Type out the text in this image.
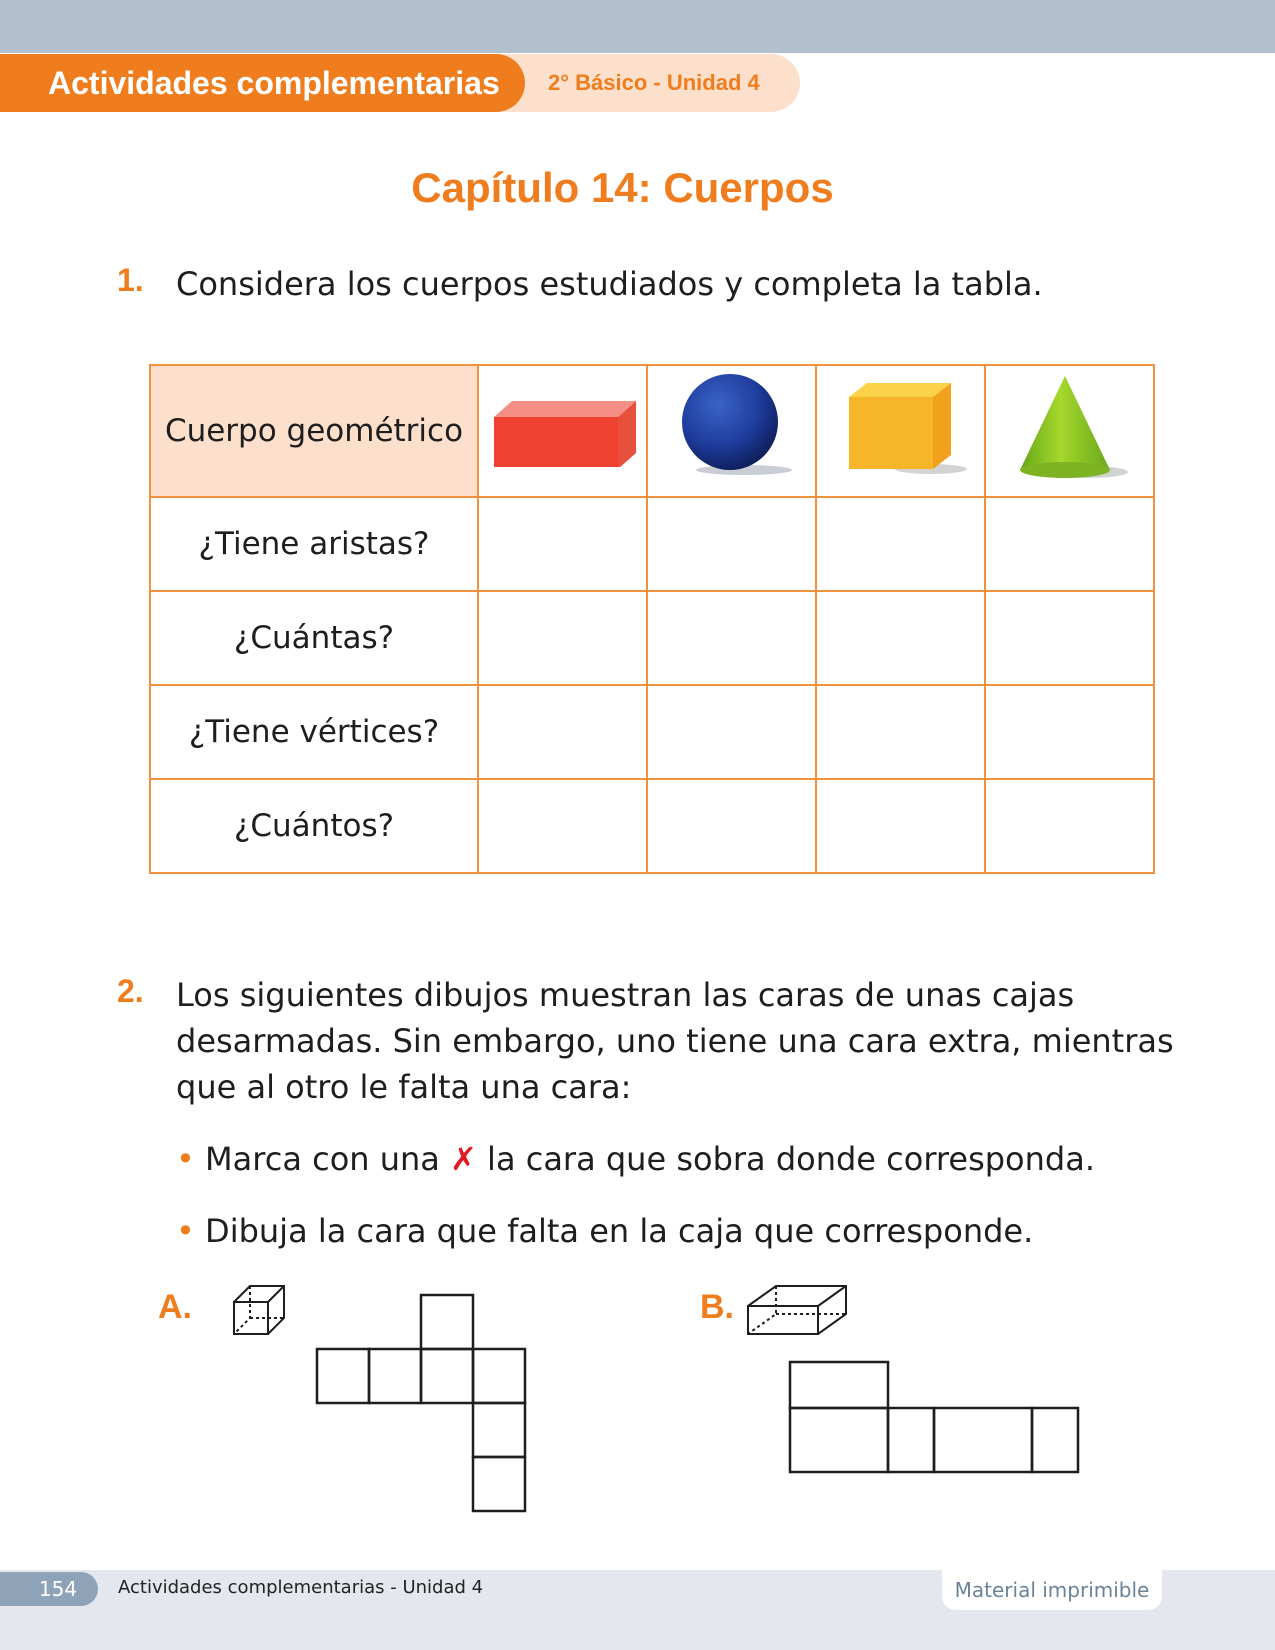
Actividades complementarias	2° Básico - Unidad 4
Capítulo 14: Cuerpos
1. Considera los cuerpos estudiados y completa la tabla.
Cuerpo geométrico				
¿Tiene aristas?				
¿Cuántas?				
¿Tiene vértices?				
¿Cuántos?				
2. Los siguientes dibujos muestran las caras de unas cajas
desarmadas. Sin embargo, uno tiene una cara extra, mientras
que al otro le falta una cara:
• Marca con una ✗ la cara que sobra donde corresponda.
• Dibuja la cara que falta en la caja que corresponde.
A.	B.
154	Actividades complementarias - Unidad 4	Material imprimible
